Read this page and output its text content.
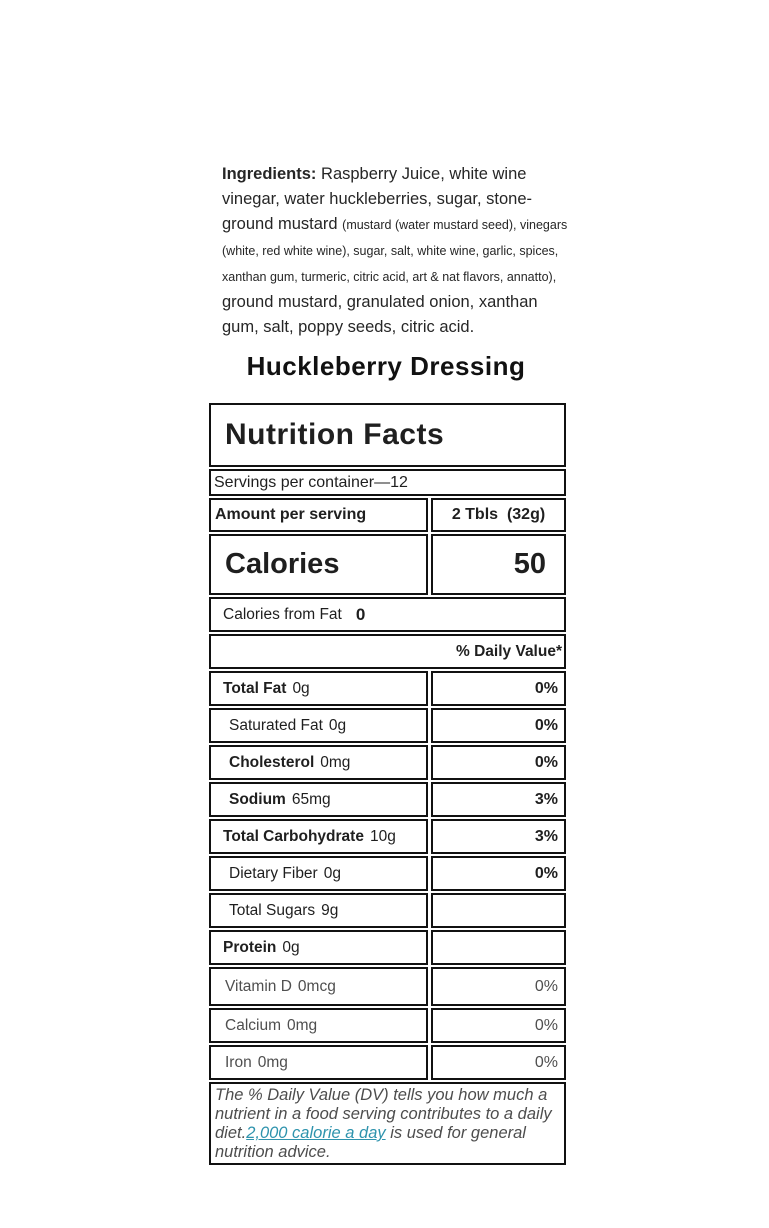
Ingredients: Raspberry Juice, white wine vinegar, water huckleberries, sugar, stone-ground mustard (mustard (water mustard seed), vinegars (white, red white wine), sugar, salt, white wine, garlic, spices, xanthan gum, turmeric, citric acid, art & nat flavors, annatto), ground mustard, granulated onion, xanthan gum, salt, poppy seeds, citric acid.

Huckleberry Dressing
Nutrition Facts
Servings per container—12
Amount per serving	2 Tbls  (32g)
Calories	50
Calories from Fat 0
% Daily Value*
Total Fat 0g	0%
Saturated Fat 0g	0%
Cholesterol 0mg	0%
Sodium 65mg	3%
Total Carbohydrate 10g	3%
Dietary Fiber 0g	0%
Total Sugars 9g
Protein 0g
Vitamin D 0mcg	0%
Calcium 0mg	0%
Iron 0mg	0%
The % Daily Value (DV) tells you how much a nutrient in a food serving contributes to a daily diet.2,000 calorie a day is used for general nutrition advice.
